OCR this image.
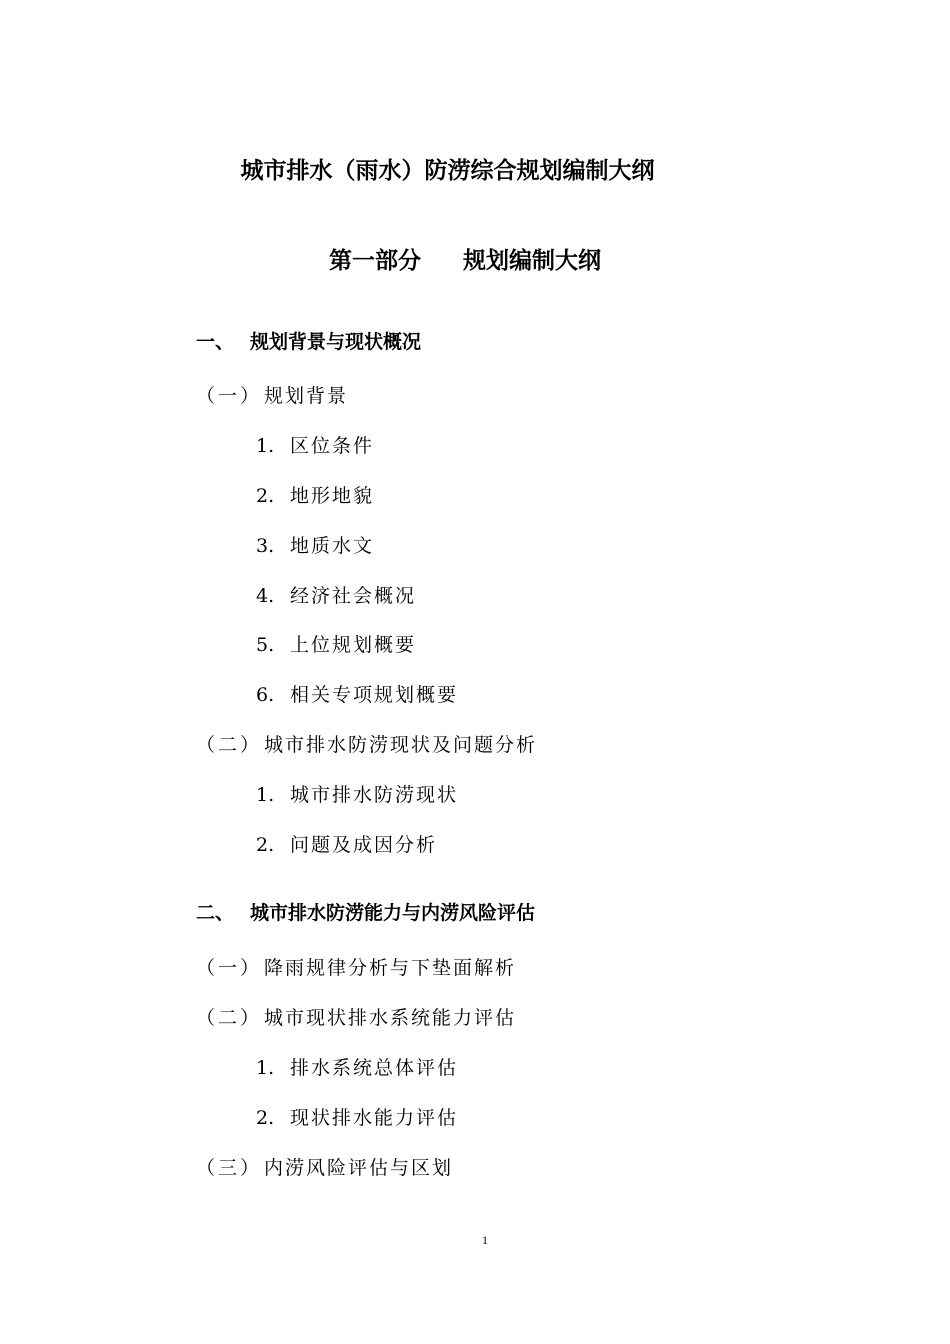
城市排水（雨水）防涝综合规划编制大纲
第一部分 规划编制大纲
一、 规划背景与现状概况
（一） 规划背景
1. 区位条件
2. 地形地貌
3. 地质水文
4. 经济社会概况
5. 上位规划概要
6. 相关专项规划概要
（二） 城市排水防涝现状及问题分析
1. 城市排水防涝现状
2. 问题及成因分析
二、 城市排水防涝能力与内涝风险评估
（一） 降雨规律分析与下垫面解析
（二） 城市现状排水系统能力评估
1. 排水系统总体评估
2. 现状排水能力评估
（三） 内涝风险评估与区划
1
